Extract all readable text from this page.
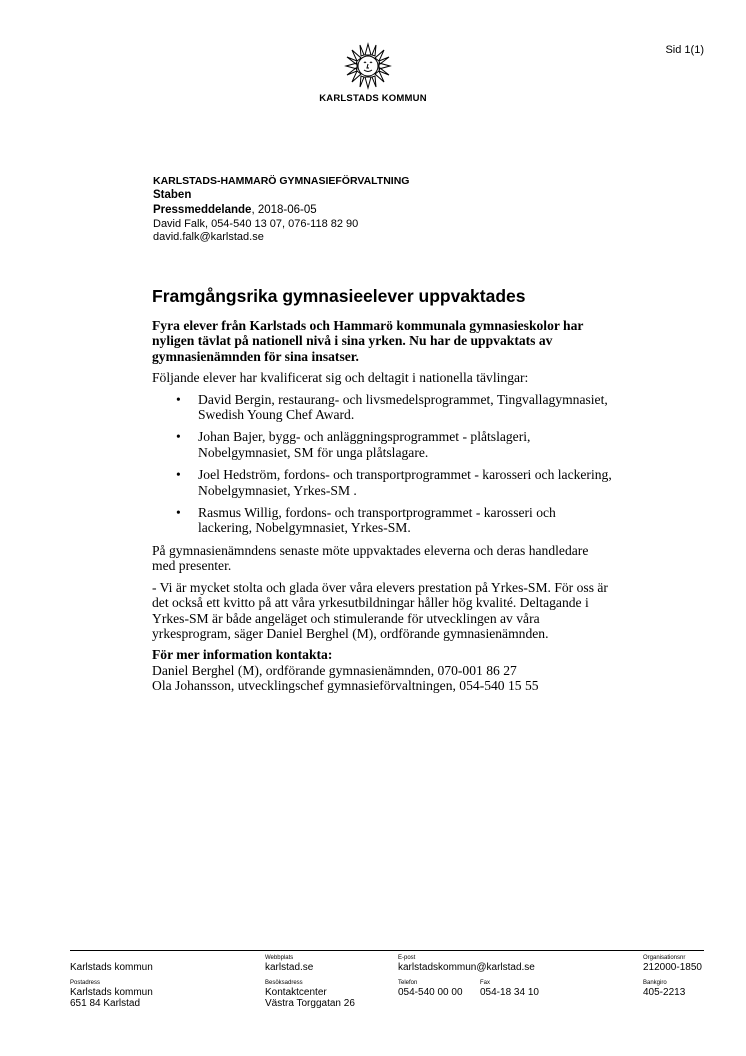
Sid 1(1)
KARLSTADS KOMMUN
KARLSTADS-HAMMARÖ GYMNASIEFÖRVALTNING
Staben
Pressmeddelande, 2018-06-05
David Falk, 054-540 13 07, 076-118 82 90
david.falk@karlstad.se
Framgångsrika gymnasieelever uppvaktades

Fyra elever från Karlstads och Hammarö kommunala gymnasieskolor har nyligen tävlat på nationell nivå i sina yrken. Nu har de uppvaktats av gymnasienämnden för sina insatser.

Följande elever har kvalificerat sig och deltagit i nationella tävlingar:

• David Bergin, restaurang- och livsmedelsprogrammet, Tingvallagymnasiet, Swedish Young Chef Award.
• Johan Bajer, bygg- och anläggningsprogrammet - plåtslageri, Nobelgymnasiet, SM för unga plåtslagare.
• Joel Hedström, fordons- och transportprogrammet - karosseri och lackering, Nobelgymnasiet, Yrkes-SM .
• Rasmus Willig, fordons- och transportprogrammet - karosseri och lackering, Nobelgymnasiet, Yrkes-SM.

På gymnasienämndens senaste möte uppvaktades eleverna och deras handledare med presenter.

- Vi är mycket stolta och glada över våra elevers prestation på Yrkes-SM. För oss är det också ett kvitto på att våra yrkesutbildningar håller hög kvalité. Deltagande i Yrkes-SM är både angeläget och stimulerande för utvecklingen av våra yrkesprogram, säger Daniel Berghel (M), ordförande gymnasienämnden.

För mer information kontakta:

Daniel Berghel (M), ordförande gymnasienämnden, 070-001 86 27

Ola Johansson, utvecklingschef gymnasieförvaltningen, 054-540 15 55

Karlstads kommun
Webbplats
karlstad.se
E-post
karlstadskommun@karlstad.se
Organisationsnr
212000-1850
Postadress
Karlstads kommun
651 84 Karlstad
Besöksadress
Kontaktcenter
Västra Torggatan 26
Telefon
054-540 00 00
Fax
054-18 34 10
Bankgiro
405-2213
